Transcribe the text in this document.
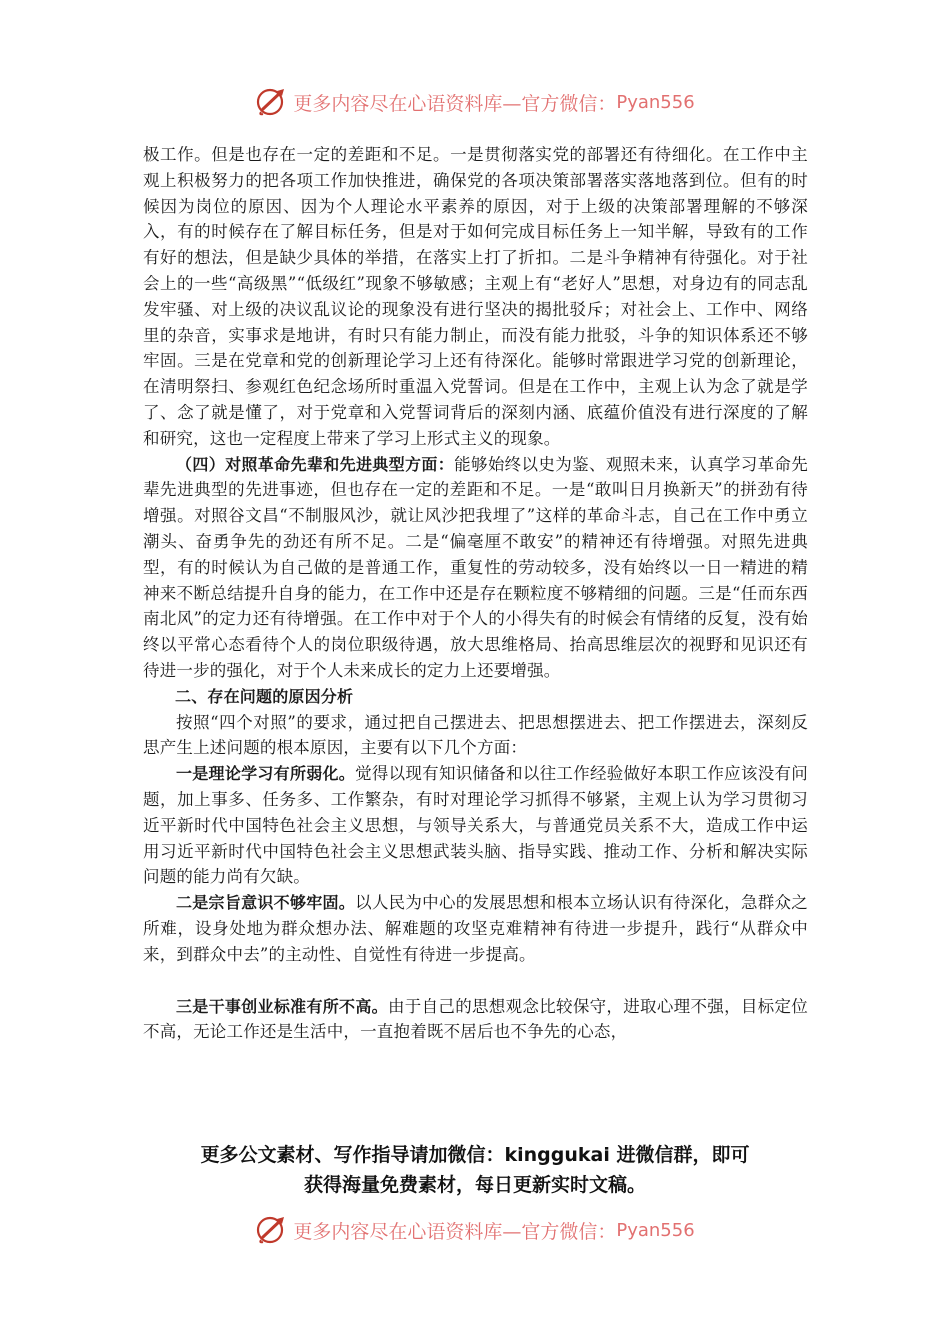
更多内容尽在心语资料库—官方微信： Pyan556

极工作。但是也存在一定的差距和不足。一是贯彻落实党的部署还有待细化。在工作中主观上积极努力的把各项工作加快推进，确保党的各项决策部署落实落地落到位。但有的时候因为岗位的原因、因为个人理论水平素养的原因，对于上级的决策部署理解的不够深入，有的时候存在了解目标任务，但是对于如何完成目标任务上一知半解，导致有的工作有好的想法，但是缺少具体的举措，在落实上打了折扣。二是斗争精神有待强化。对于社会上的一些“高级黑”“低级红”现象不够敏感；主观上有“老好人”思想，对身边有的同志乱发牢骚、对上级的决议乱议论的现象没有进行坚决的揭批驳斥；对社会上、工作中、网络里的杂音，实事求是地讲，有时只有能力制止，而没有能力批驳，斗争的知识体系还不够牢固。三是在党章和党的创新理论学习上还有待深化。能够时常跟进学习党的创新理论，在清明祭扫、参观红色纪念场所时重温入党誓词。但是在工作中，主观上认为念了就是学了、念了就是懂了，对于党章和入党誓词背后的深刻内涵、底蕴价值没有进行深度的了解和研究，这也一定程度上带来了学习上形式主义的现象。

（四）对照革命先辈和先进典型方面：能够始终以史为鉴、观照未来，认真学习革命先辈先进典型的先进事迹，但也存在一定的差距和不足。一是“敢叫日月换新天”的拼劲有待增强。对照谷文昌“不制服风沙，就让风沙把我埋了”这样的革命斗志，自己在工作中勇立潮头、奋勇争先的劲还有所不足。二是“偏毫厘不敢安”的精神还有待增强。对照先进典型，有的时候认为自己做的是普通工作，重复性的劳动较多，没有始终以一日一精进的精神来不断总结提升自身的能力，在工作中还是存在颗粒度不够精细的问题。三是“任而东西南北风”的定力还有待增强。在工作中对于个人的小得失有的时候会有情绪的反复，没有始终以平常心态看待个人的岗位职级待遇，放大思维格局、抬高思维层次的视野和见识还有待进一步的强化，对于个人未来成长的定力上还要增强。

二、存在问题的原因分析

按照“四个对照”的要求，通过把自己摆进去、把思想摆进去、把工作摆进去，深刻反思产生上述问题的根本原因，主要有以下几个方面：

一是理论学习有所弱化。觉得以现有知识储备和以往工作经验做好本职工作应该没有问题，加上事多、任务多、工作繁杂，有时对理论学习抓得不够紧，主观上认为学习贯彻习近平新时代中国特色社会主义思想，与领导关系大，与普通党员关系不大，造成工作中运用习近平新时代中国特色社会主义思想武装头脑、指导实践、推动工作、分析和解决实际问题的能力尚有欠缺。

二是宗旨意识不够牢固。以人民为中心的发展思想和根本立场认识有待深化，急群众之所难，设身处地为群众想办法、解难题的攻坚克难精神有待进一步提升，践行“从群众中来，到群众中去”的主动性、自觉性有待进一步提高。

三是干事创业标准有所不高。由于自己的思想观念比较保守，进取心理不强，目标定位不高，无论工作还是生活中，一直抱着既不居后也不争先的心态，

更多公文素材、写作指导请加微信：kinggukai 进微信群，即可
获得海量免费素材，每日更新实时文稿。
更多内容尽在心语资料库—官方微信： Pyan556
